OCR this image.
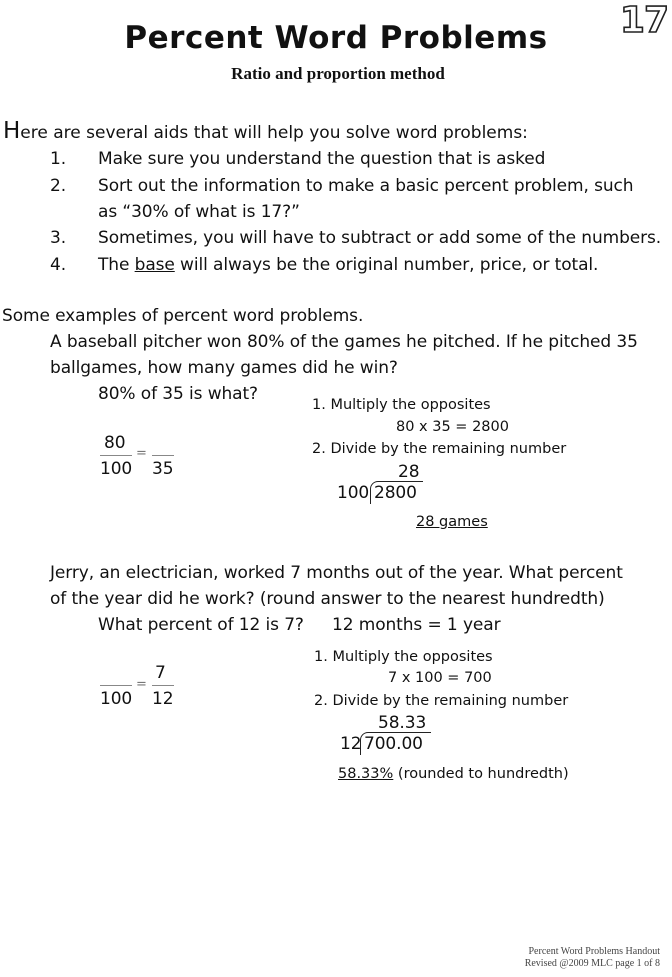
17
Percent Word Problems
Ratio and proportion method
Here are several aids that will help you solve word problems:
1. Make sure you understand the question that is asked
2. Sort out the information to make a basic percent problem, such
as “30% of what is 17?”
3. Sometimes, you will have to subtract or add some of the numbers.
4. The base will always be the original number, price, or total.
Some examples of percent word problems.
A baseball pitcher won 80% of the games he pitched. If he pitched 35
ballgames, how many games did he win?
80% of 35 is what?
80
100
=
35
1. Multiply the opposites
80 x 35 = 2800
2. Divide by the remaining number
28
100 2800
28 games
Jerry, an electrician, worked 7 months out of the year. What percent
of the year did he work? (round answer to the nearest hundredth)
What percent of 12 is 7? 12 months = 1 year
100
=
7
12
1. Multiply the opposites
7 x 100 = 700
2. Divide by the remaining number
58.33
12 700.00
58.33% (rounded to hundredth)
Percent Word Problems Handout
Revised @2009 MLC page 1 of 8
